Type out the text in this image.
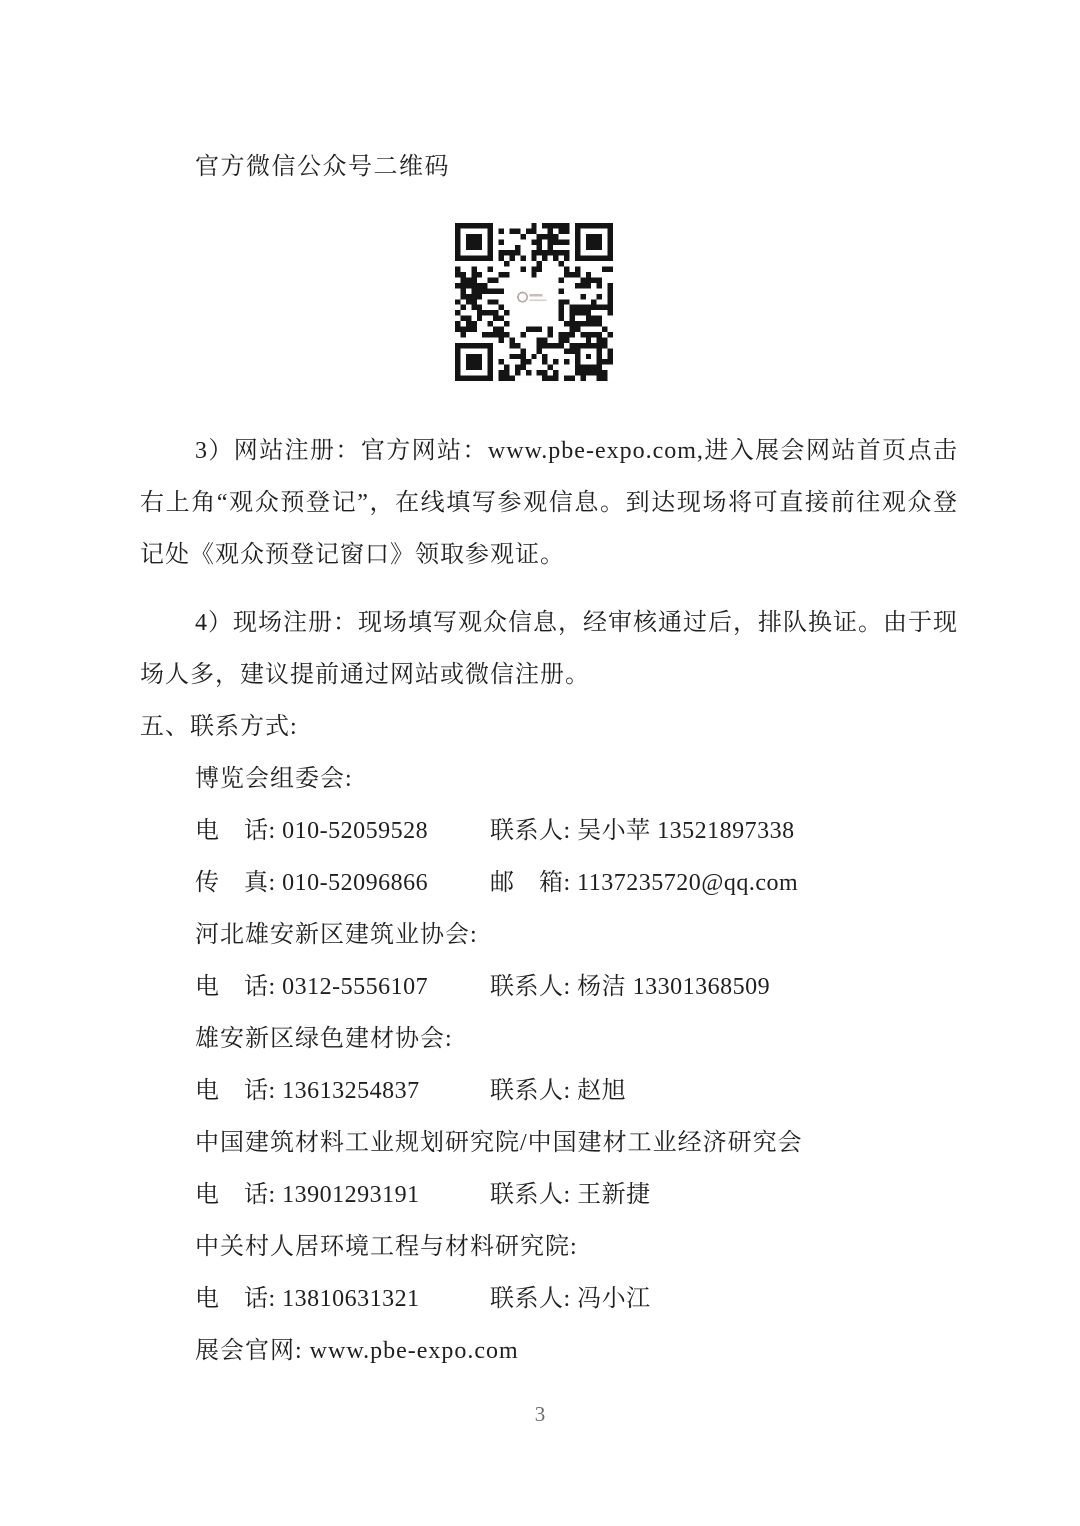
官方微信公众号二维码

3）网站注册：官方网站：www.pbe-expo.com,进入展会网站首页点击右上角“观众预登记”，在线填写参观信息。到达现场将可直接前往观众登记处《观众预登记窗口》领取参观证。

4）现场注册：现场填写观众信息，经审核通过后，排队换证。由于现场人多，建议提前通过网站或微信注册。

五、联系方式:
博览会组委会:
电　话: 010-52059528	联系人: 吴小苹 13521897338
传　真: 010-52096866	邮　箱: 1137235720@qq.com
河北雄安新区建筑业协会:
电　话: 0312-5556107	联系人: 杨洁 13301368509
雄安新区绿色建材协会:
电　话: 13613254837	联系人: 赵旭
中国建筑材料工业规划研究院/中国建材工业经济研究会
电　话: 13901293191	联系人: 王新捷
中关村人居环境工程与材料研究院:
电　话: 13810631321	联系人: 冯小江
展会官网: www.pbe-expo.com
3
